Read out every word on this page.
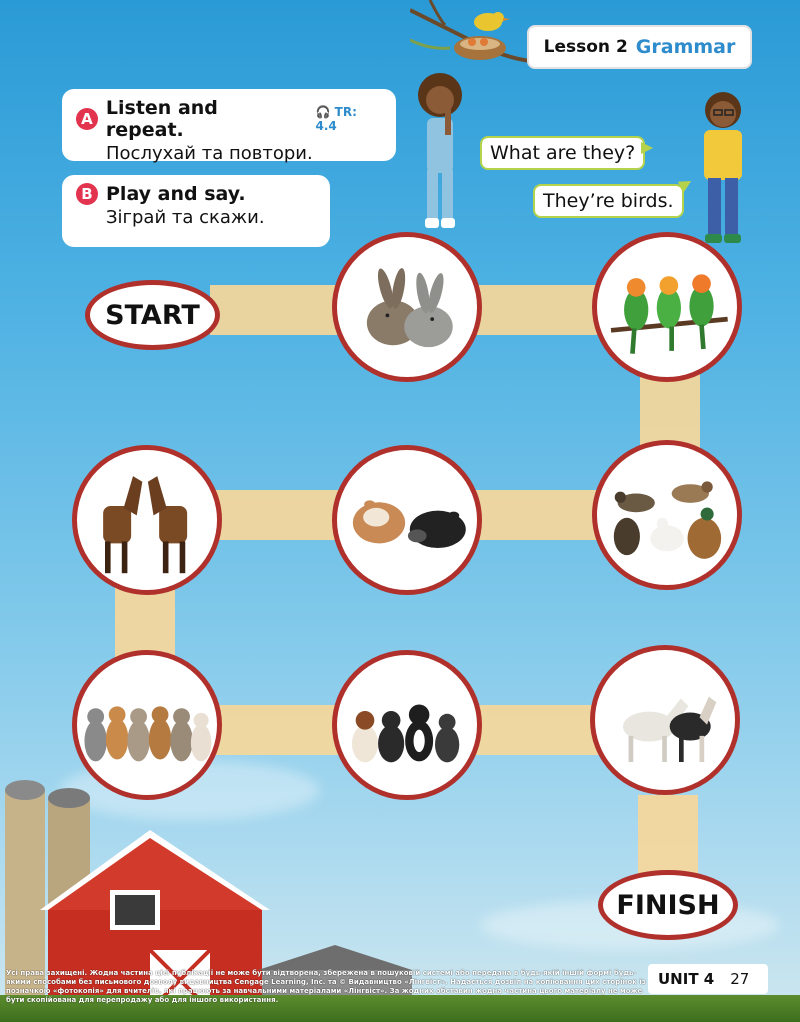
Lesson 2 Grammar
A Listen and repeat.
🎧 TR: 4.4
Послухай та повтори.
B Play and say.
Зіграй та скажи.
What are they?
They’re birds.
START
FINISH
Усі права захищені. Жодна частина цієї публікації не може бути відтворена, збережена в пошуковій системі або передана в будь-якій іншій формі будь-якими способами без письмового дозволу видавництва Cengage Learning, Inc. та © Видавництво «Лінгвіст». Надається дозвіл на копіювання цих сторінок із позначкою «фотокопія» для вчителів, які працюють за навчальними матеріалами «Лінгвіст». За жодних обставин жодна частина цього матеріалу не може бути скопійована для перепродажу або для іншого використання.
UNIT 4	27
